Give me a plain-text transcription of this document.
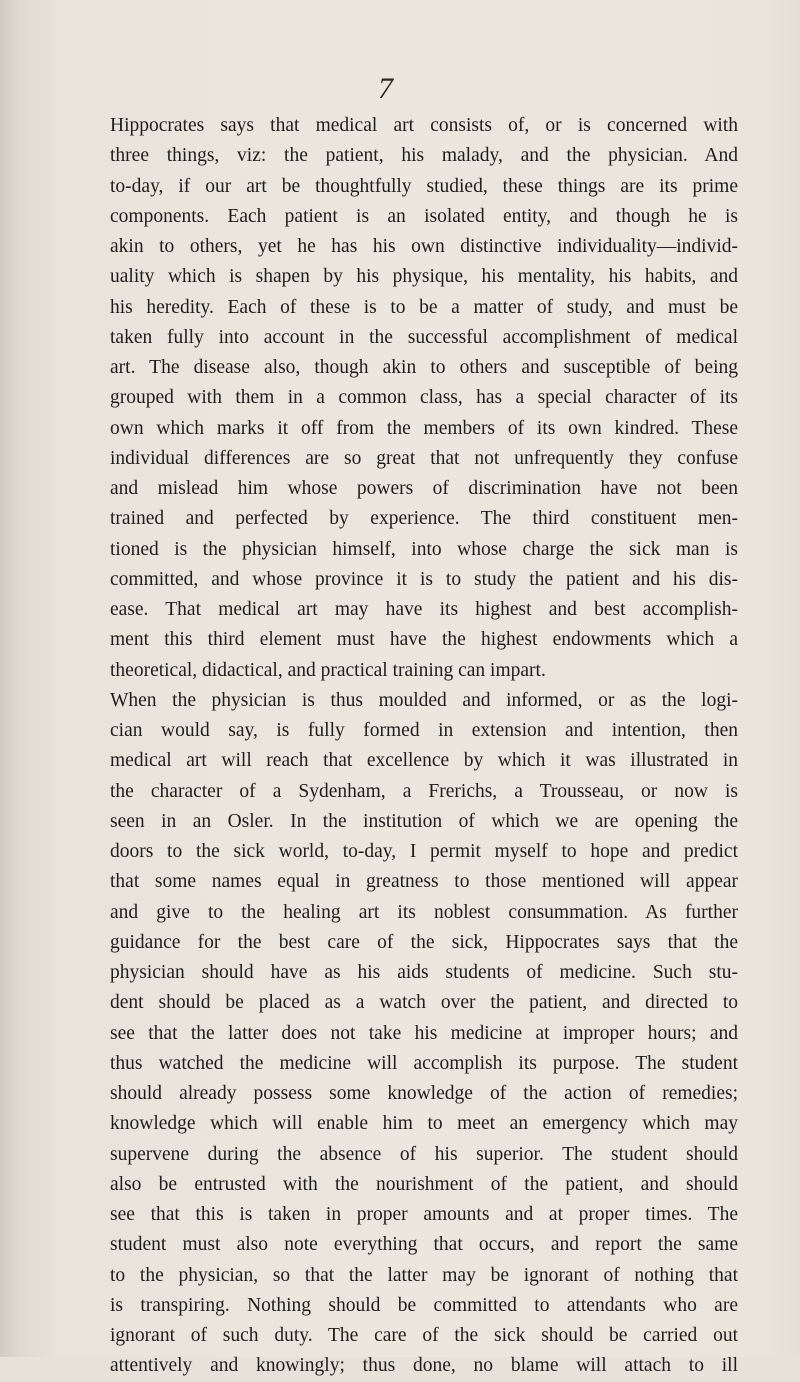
7
Hippocrates says that medical art consists of, or is concerned with
three things, viz: the patient, his malady, and the physician. And
to-day, if our art be thoughtfully studied, these things are its prime
components. Each patient is an isolated entity, and though he is
akin to others, yet he has his own distinctive individuality—individ-
uality which is shapen by his physique, his mentality, his habits, and
his heredity. Each of these is to be a matter of study, and must be
taken fully into account in the successful accomplishment of medical
art. The disease also, though akin to others and susceptible of being
grouped with them in a common class, has a special character of its
own which marks it off from the members of its own kindred. These
individual differences are so great that not unfrequently they confuse
and mislead him whose powers of discrimination have not been
trained and perfected by experience. The third constituent men-
tioned is the physician himself, into whose charge the sick man is
committed, and whose province it is to study the patient and his dis-
ease. That medical art may have its highest and best accomplish-
ment this third element must have the highest endowments which a
theoretical, didactical, and practical training can impart.
When the physician is thus moulded and informed, or as the logi-
cian would say, is fully formed in extension and intention, then
medical art will reach that excellence by which it was illustrated in
the character of a Sydenham, a Frerichs, a Trousseau, or now is
seen in an Osler. In the institution of which we are opening the
doors to the sick world, to-day, I permit myself to hope and predict
that some names equal in greatness to those mentioned will appear
and give to the healing art its noblest consummation. As further
guidance for the best care of the sick, Hippocrates says that the
physician should have as his aids students of medicine. Such stu-
dent should be placed as a watch over the patient, and directed to
see that the latter does not take his medicine at improper hours; and
thus watched the medicine will accomplish its purpose. The student
should already possess some knowledge of the action of remedies;
knowledge which will enable him to meet an emergency which may
supervene during the absence of his superior. The student should
also be entrusted with the nourishment of the patient, and should
see that this is taken in proper amounts and at proper times. The
student must also note everything that occurs, and report the same
to the physician, so that the latter may be ignorant of nothing that
is transpiring. Nothing should be committed to attendants who are
ignorant of such duty. The care of the sick should be carried out
attentively and knowingly; thus done, no blame will attach to ill
